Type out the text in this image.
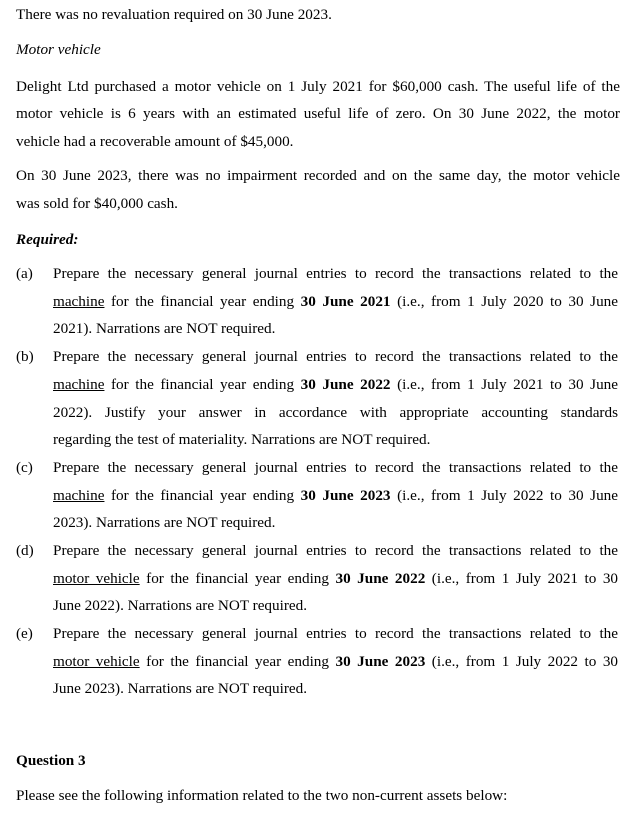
There was no revaluation required on 30 June 2023.
Motor vehicle
Delight Ltd purchased a motor vehicle on 1 July 2021 for $60,000 cash. The useful life of the
motor vehicle is 6 years with an estimated useful life of zero. On 30 June 2022, the motor
vehicle had a recoverable amount of $45,000.
On 30 June 2023, there was no impairment recorded and on the same day, the motor vehicle
was sold for $40,000 cash.
Required:
(a) Prepare the necessary general journal entries to record the transactions related to the
machine for the financial year ending 30 June 2021 (i.e., from 1 July 2020 to 30 June
2021). Narrations are NOT required.
(b) Prepare the necessary general journal entries to record the transactions related to the
machine for the financial year ending 30 June 2022 (i.e., from 1 July 2021 to 30 June
2022). Justify your answer in accordance with appropriate accounting standards
regarding the test of materiality. Narrations are NOT required.
(c) Prepare the necessary general journal entries to record the transactions related to the
machine for the financial year ending 30 June 2023 (i.e., from 1 July 2022 to 30 June
2023). Narrations are NOT required.
(d) Prepare the necessary general journal entries to record the transactions related to the
motor vehicle for the financial year ending 30 June 2022 (i.e., from 1 July 2021 to 30
June 2022). Narrations are NOT required.
(e) Prepare the necessary general journal entries to record the transactions related to the
motor vehicle for the financial year ending 30 June 2023 (i.e., from 1 July 2022 to 30
June 2023). Narrations are NOT required.
Question 3
Please see the following information related to the two non-current assets below:
